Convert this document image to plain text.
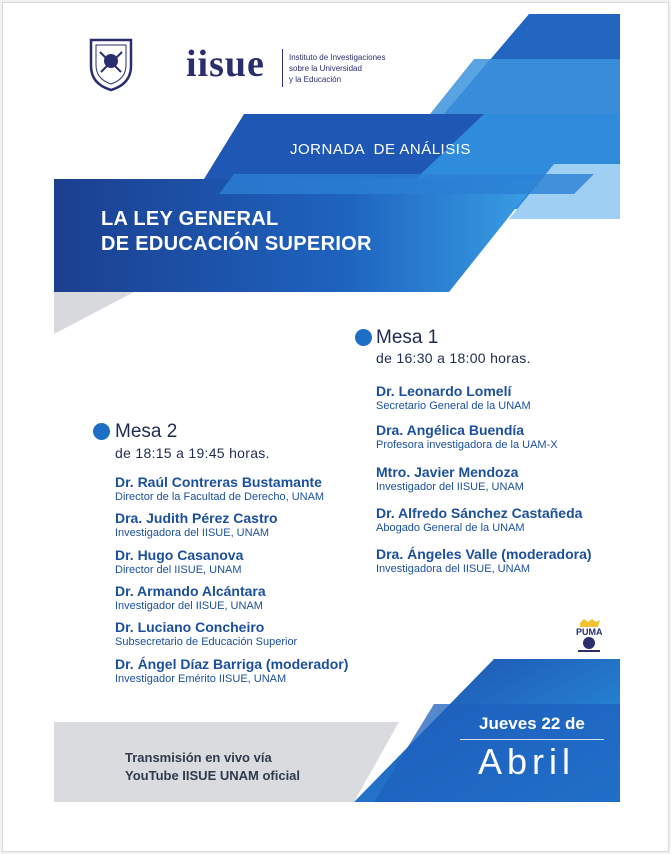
iisue	Instituto de Investigaciones
sobre la Universidad
y la Educación
JORNADA  DE ANÁLISIS
LA LEY GENERAL
DE EDUCACIÓN SUPERIOR
Mesa 1
de 16:30 a 18:00 horas.
Dr. Leonardo Lomelí
Secretario General de la UNAM
Dra. Angélica Buendía
Profesora investigadora de la UAM-X
Mtro. Javier Mendoza
Investigador del IISUE, UNAM
Dr. Alfredo Sánchez Castañeda
Abogado General de la UNAM
Dra. Ángeles Valle (moderadora)
Investigadora del IISUE, UNAM
Mesa 2
de 18:15 a 19:45 horas.
Dr. Raúl Contreras Bustamante
Director de la Facultad de Derecho, UNAM
Dra. Judith Pérez Castro
Investigadora del IISUE, UNAM
Dr. Hugo Casanova
Director del IISUE, UNAM
Dr. Armando Alcántara
Investigador del IISUE, UNAM
Dr. Luciano Concheiro
Subsecretario de Educación Superior
Dr. Ángel Díaz Barriga (moderador)
Investigador Emérito IISUE, UNAM
PUMA
Jueves 22 de
Abril
Transmisión en vivo vía
YouTube IISUE UNAM oficial
